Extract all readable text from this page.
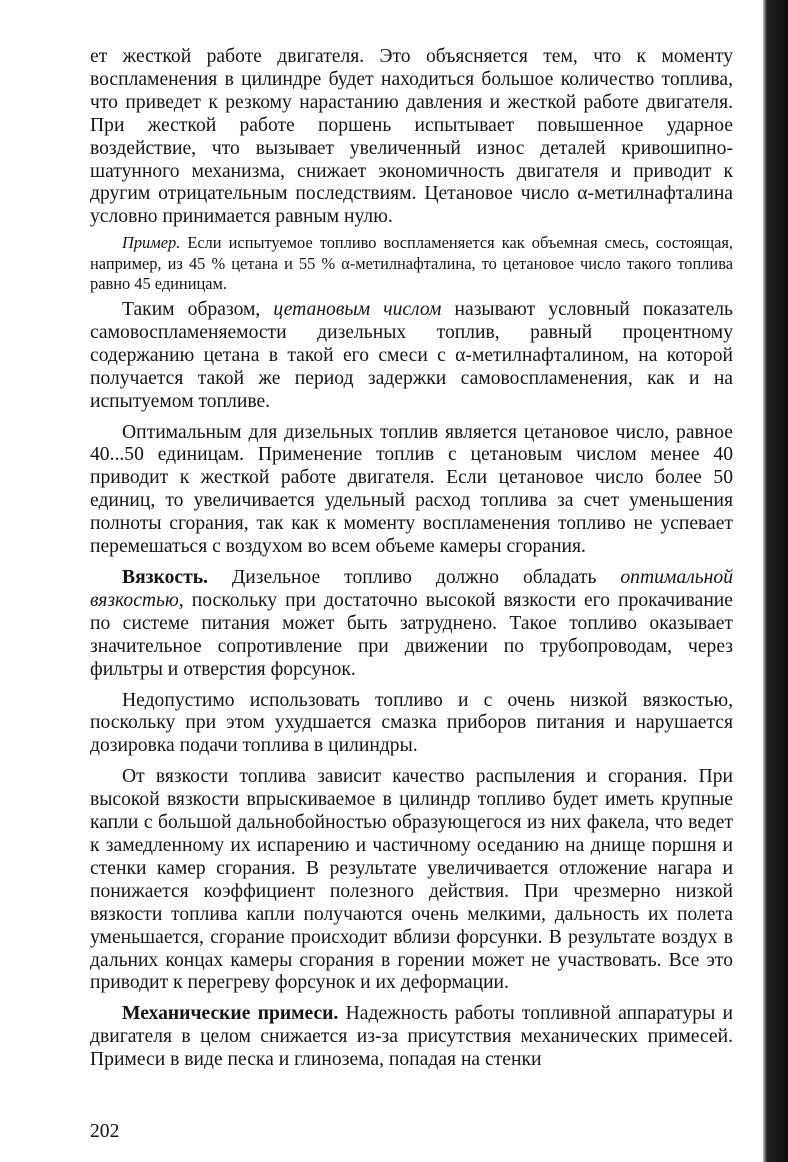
ет жесткой работе двигателя. Это объясняется тем, что к моменту воспламенения в цилиндре будет находиться большое количество топлива, что приведет к резкому нарастанию давления и жесткой работе двигателя. При жесткой работе поршень испытывает повышенное ударное воздействие, что вызывает увеличенный износ деталей кривошипно-шатунного механизма, снижает экономичность двигателя и приводит к другим отрицательным последствиям. Цетановое число α-метилнафталина условно принимается равным нулю.

Пример. Если испытуемое топливо воспламеняется как объемная смесь, состоящая, например, из 45 % цетана и 55 % α-метилнафталина, то цетановое число такого топлива равно 45 единицам.

Таким образом, цетановым числом называют условный показатель самовоспламеняемости дизельных топлив, равный процентному содержанию цетана в такой его смеси с α-метилнафталином, на которой получается такой же период задержки самовоспламенения, как и на испытуемом топливе.

Оптимальным для дизельных топлив является цетановое число, равное 40...50 единицам. Применение топлив с цетановым числом менее 40 приводит к жесткой работе двигателя. Если цетановое число более 50 единиц, то увеличивается удельный расход топлива за счет уменьшения полноты сгорания, так как к моменту воспламенения топливо не успевает перемешаться с воздухом во всем объеме камеры сгорания.

Вязкость. Дизельное топливо должно обладать оптимальной вязкостью, поскольку при достаточно высокой вязкости его прокачивание по системе питания может быть затруднено. Такое топливо оказывает значительное сопротивление при движении по трубопроводам, через фильтры и отверстия форсунок.

Недопустимо использовать топливо и с очень низкой вязкостью, поскольку при этом ухудшается смазка приборов питания и нарушается дозировка подачи топлива в цилиндры.

От вязкости топлива зависит качество распыления и сгорания. При высокой вязкости впрыскиваемое в цилиндр топливо будет иметь крупные капли с большой дальнобойностью образующегося из них факела, что ведет к замедленному их испарению и частичному оседанию на днище поршня и стенки камер сгорания. В результате увеличивается отложение нагара и понижается коэффициент полезного действия. При чрезмерно низкой вязкости топлива капли получаются очень мелкими, дальность их полета уменьшается, сгорание происходит вблизи форсунки. В результате воздух в дальних концах камеры сгорания в горении может не участвовать. Все это приводит к перегреву форсунок и их деформации.

Механические примеси. Надежность работы топливной аппаратуры и двигателя в целом снижается из-за присутствия механических примесей. Примеси в виде песка и глинозема, попадая на стенки

202
